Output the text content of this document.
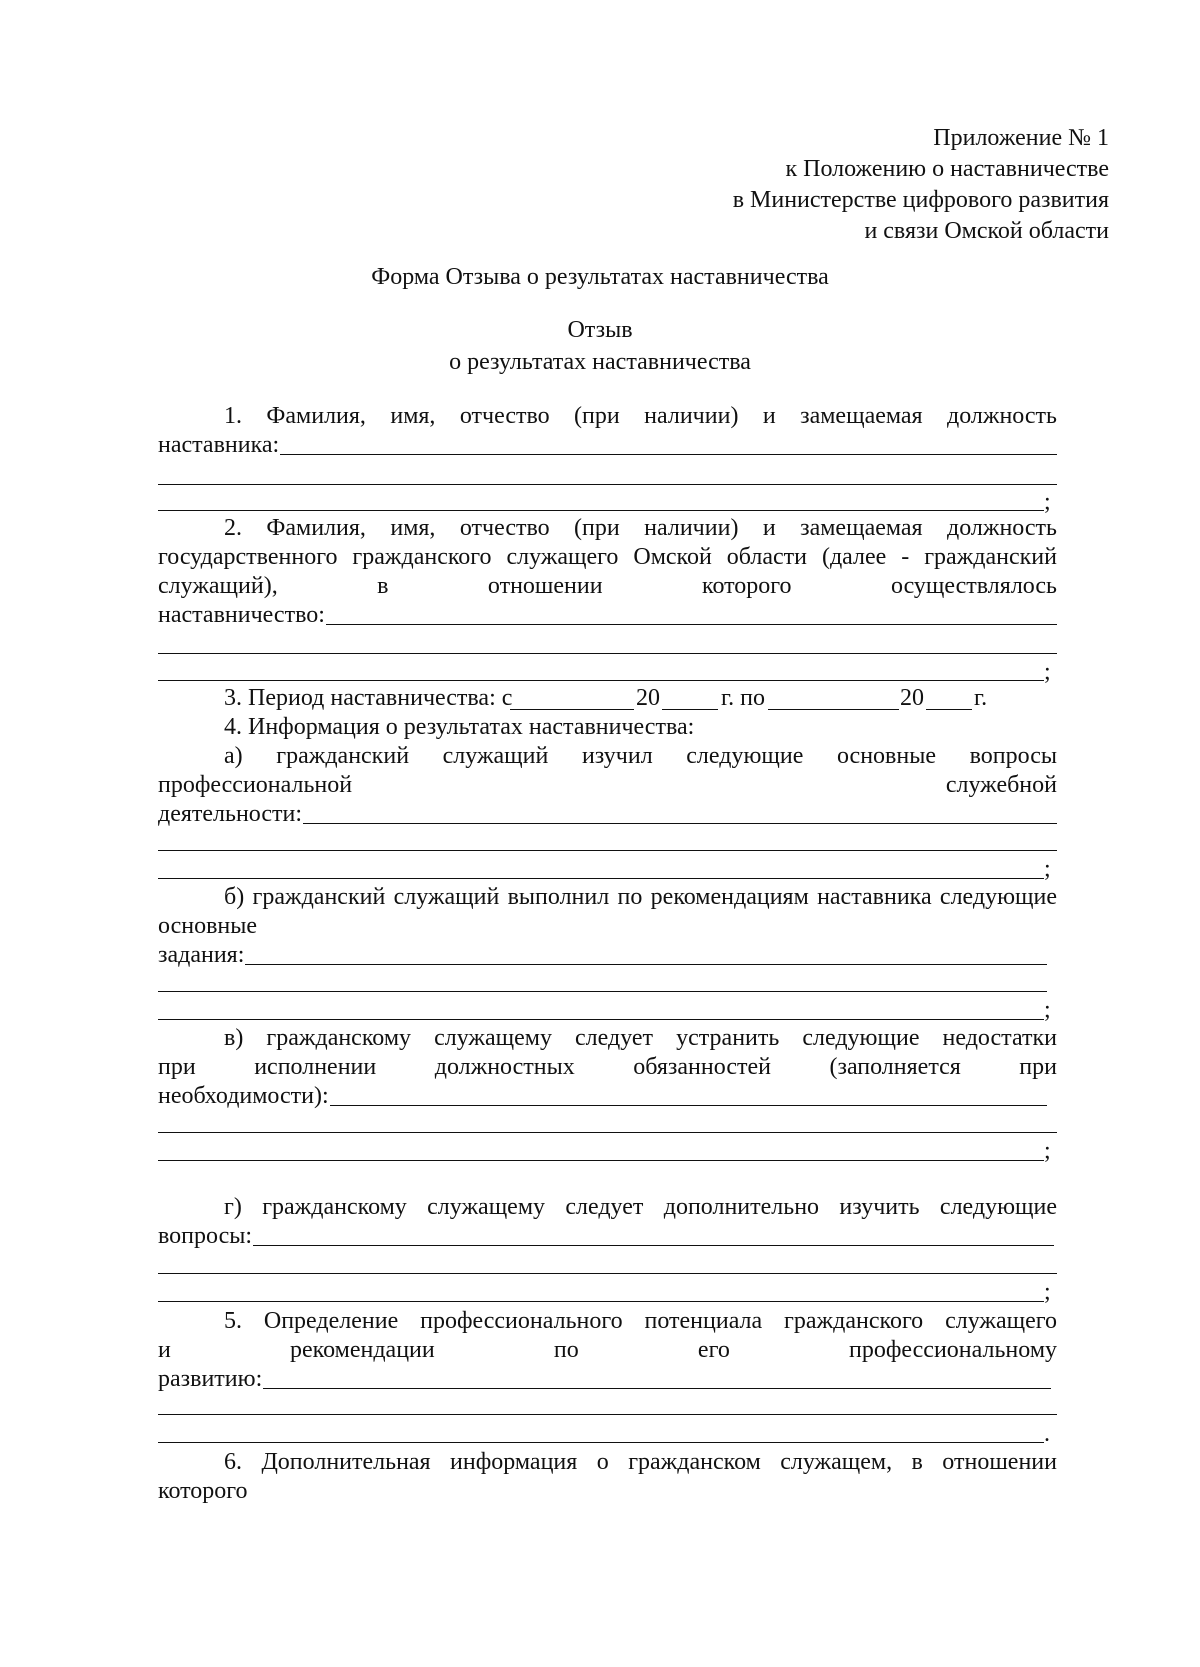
Приложение № 1
к Положению о наставничестве
в Министерстве цифрового развития
и связи Омской области
Форма Отзыва о результатах наставничества
Отзыв
о результатах наставничества
1. Фамилия, имя, отчество (при наличии) и замещаемая должность
наставника:
;
2. Фамилия, имя, отчество (при наличии) и замещаемая должность
государственного гражданского служащего Омской области (далее - гражданский
служащий), в отношении которого осуществлялось
наставничество:
;
3. Период наставничества: с	20	г. по	20 г.
4. Информация о результатах наставничества:
а) гражданский служащий изучил следующие основные вопросы
профессиональной служебной
деятельности:
;
б) гражданский служащий выполнил по рекомендациям наставника следующие
основные
задания:
;
в) гражданскому служащему следует устранить следующие недостатки
при исполнении должностных обязанностей (заполняется при
необходимости):
;
г) гражданскому служащему следует дополнительно изучить следующие
вопросы:
;
5. Определение профессионального потенциала гражданского служащего
и рекомендации по его профессиональному
развитию:
.
6. Дополнительная информация о гражданском служащем, в отношении которого
